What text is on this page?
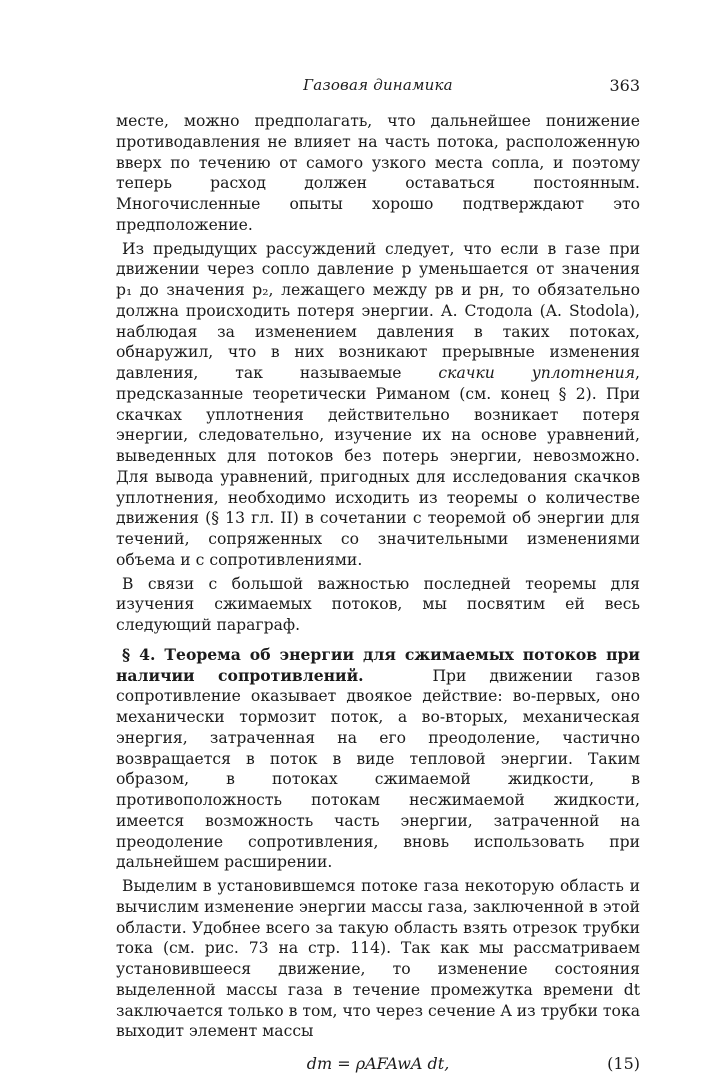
Газовая динамика	363

месте, можно предполагать, что дальнейшее понижение противодавления не влияет на часть потока, расположенную вверх по течению от самого узкого места сопла, и поэтому теперь расход должен оставаться постоянным. Многочисленные опыты хорошо подтверждают это предположение.

Из предыдущих рассуждений следует, что если в газе при движении через сопло давление p уменьшается от значения p₁ до значения p₂, лежащего между pв и pн, то обязательно должна происходить потеря энергии. А. Стодола (A. Stodola), наблюдая за изменением давления в таких потоках, обнаружил, что в них возникают прерывные изменения давления, так называемые скачки уплотнения, предсказанные теоретически Риманом (см. конец § 2). При скачках уплотнения действительно возникает потеря энергии, следовательно, изучение их на основе уравнений, выведенных для потоков без потерь энергии, невозможно. Для вывода уравнений, пригодных для исследования скачков уплотнения, необходимо исходить из теоремы о количестве движения (§ 13 гл. II) в сочетании с теоремой об энергии для течений, сопряженных со значительными изменениями объема и с сопротивлениями.

В связи с большой важностью последней теоремы для изучения сжимаемых потоков, мы посвятим ей весь следующий параграф.

§ 4. Теорема об энергии для сжимаемых потоков при наличии сопротивлений.	При движении газов сопротивление оказывает двоякое действие: во-первых, оно механически тормозит поток, а во-вторых, механическая энергия, затраченная на его преодоление, частично возвращается в поток в виде тепловой энергии. Таким образом, в потоках сжимаемой жидкости, в противоположность потокам несжимаемой жидкости, имеется возможность часть энергии, затраченной на преодоление сопротивления, вновь использовать при дальнейшем расширении.

Выделим в установившемся потоке газа некоторую область и вычислим изменение энергии массы газа, заключенной в этой области. Удобнее всего за такую область взять отрезок трубки тока (см. рис. 73 на стр. 114). Так как мы рассматриваем установившееся движение, то изменение состояния выделенной массы газа в течение промежутка времени dt заключается только в том, что через сечение A из трубки тока выходит элемент массы

dm = ρAFAwA dt,	(15)
